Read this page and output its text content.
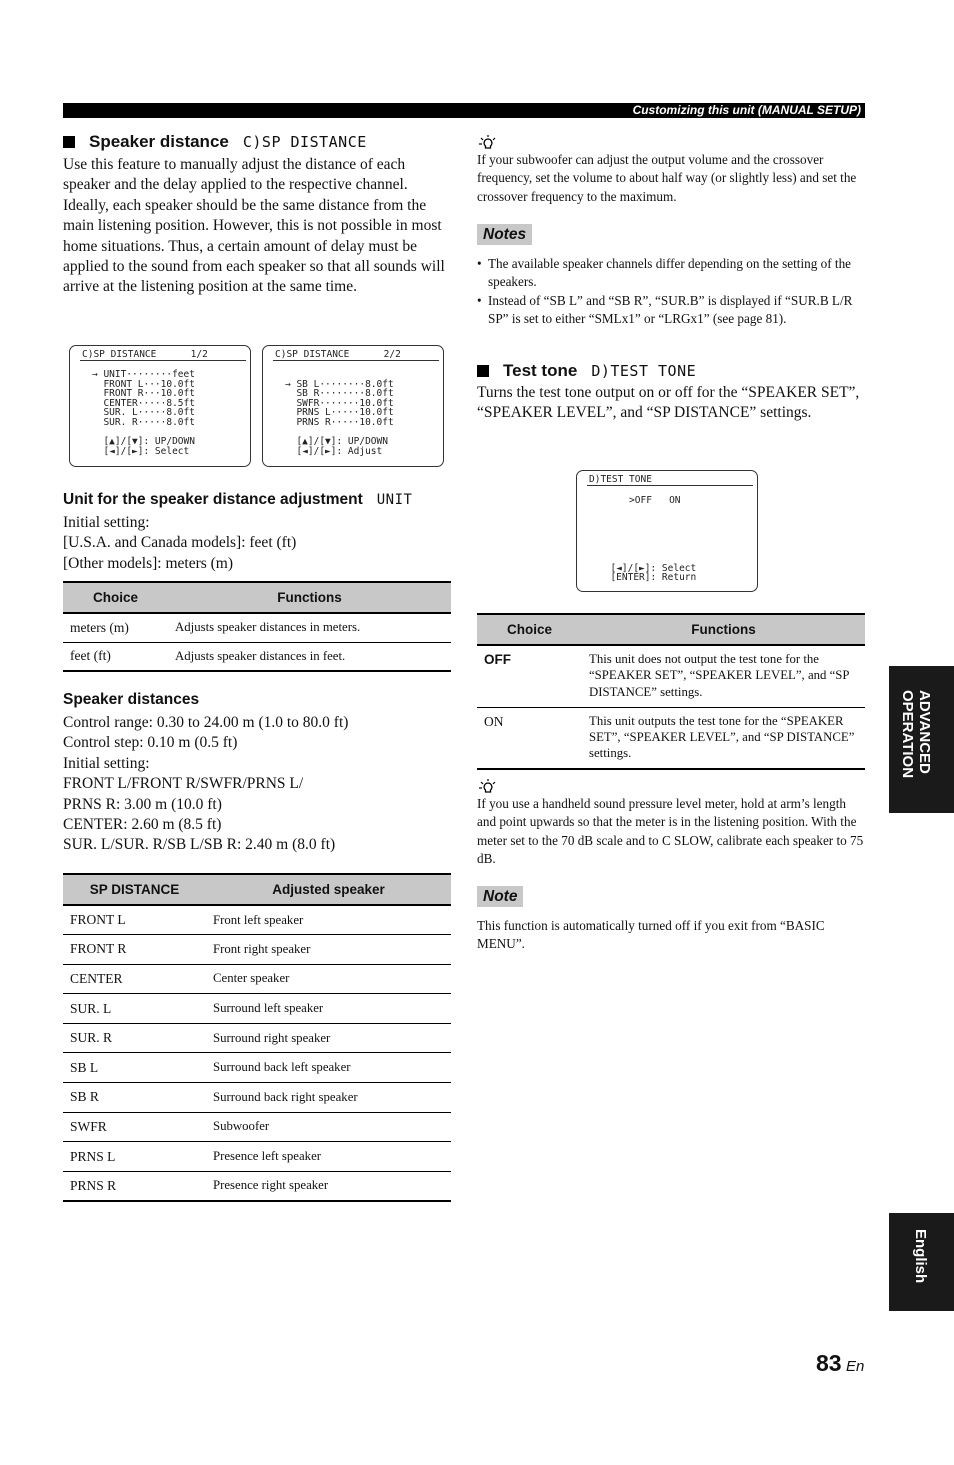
Customizing this unit (MANUAL SETUP)
Speaker distance C)SP DISTANCE
Use this feature to manually adjust the distance of each speaker and the delay applied to the respective channel. Ideally, each speaker should be the same distance from the main listening position. However, this is not possible in most home situations. Thus, a certain amount of delay must be applied to the sound from each speaker so that all sounds will arrive at the listening position at the same time.

C)SP DISTANCE      1/2

→ UNIT········feet
FRONT L···10.0ft
FRONT R···10.0ft
CENTER·····8.5ft
SUR. L·····8.0ft
SUR. R·····8.0ft
[▲]/[▼]: UP/DOWN
[◄]/[►]: Select

C)SP DISTANCE      2/2

→ SB L········8.0ft
SB R········8.0ft
SWFR·······10.0ft
PRNS L·····10.0ft
PRNS R·····10.0ft
[▲]/[▼]: UP/DOWN
[◄]/[►]: Adjust

Unit for the speaker distance adjustment UNIT
Initial setting:
[U.S.A. and Canada models]: feet (ft)
[Other models]: meters (m)
Choice	Functions
meters (m)	Adjusts speaker distances in meters.
feet (ft)	Adjusts speaker distances in feet.
Speaker distances
Control range: 0.30 to 24.00 m (1.0 to 80.0 ft)
Control step: 0.10 m (0.5 ft)
Initial setting:
FRONT L/FRONT R/SWFR/PRNS L/
PRNS R: 3.00 m (10.0 ft)
CENTER: 2.60 m (8.5 ft)
SUR. L/SUR. R/SB L/SB R: 2.40 m (8.0 ft)
SP DISTANCE	Adjusted speaker
FRONT L	Front left speaker
FRONT R	Front right speaker
CENTER	Center speaker
SUR. L	Surround left speaker
SUR. R	Surround right speaker
SB L	Surround back left speaker
SB R	Surround back right speaker
SWFR	Subwoofer
PRNS L	Presence left speaker
PRNS R	Presence right speaker
If your subwoofer can adjust the output volume and the crossover frequency, set the volume to about half way (or slightly less) and set the crossover frequency to the maximum.
Notes
• The available speaker channels differ depending on the setting of the speakers.
• Instead of “SB L” and “SB R”, “SUR.B” is displayed if “SUR.B L/R SP” is set to either “SMLx1” or “LRGx1” (see page 81).
Test tone D)TEST TONE
Turns the test tone output on or off for the “SPEAKER SET”, “SPEAKER LEVEL”, and “SP DISTANCE” settings.

D)TEST TONE

>OFF   ON

[◄]/[►]: Select

[ENTER]: Return

Choice	Functions
OFF	This unit does not output the test tone for the “SPEAKER SET”, “SPEAKER LEVEL”, and “SP DISTANCE” settings.
ON	This unit outputs the test tone for the “SPEAKER SET”, “SPEAKER LEVEL”, and “SP DISTANCE” settings.
If you use a handheld sound pressure level meter, hold at arm’s length and point upwards so that the meter is in the listening position. With the meter set to the 70 dB scale and to C SLOW, calibrate each speaker to 75 dB.
Note
This function is automatically turned off if you exit from “BASIC MENU”.
ADVANCED
OPERATION
English
83 En
